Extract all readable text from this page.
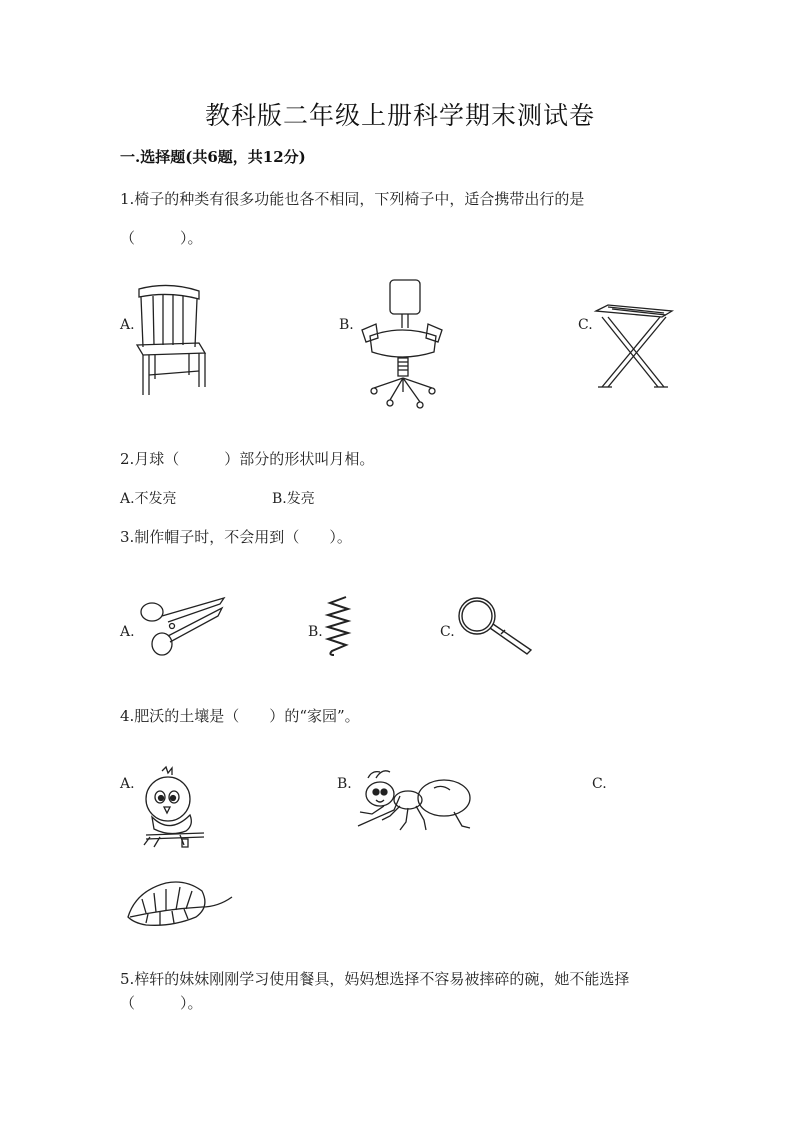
教科版二年级上册科学期末测试卷
一.选择题(共6题，共12分)
1.椅子的种类有很多功能也各不相同，下列椅子中，适合携带出行的是
（　　　）。
A.	B.	C.
2.月球（　　　）部分的形状叫月相。
A.不发亮	B.发亮
3.制作帽子时，不会用到（　　）。
A.	B.	C.
4.肥沃的土壤是（　　）的“家园”。
A.	B.	C.
5.梓轩的妹妹刚刚学习使用餐具，妈妈想选择不容易被摔碎的碗，她不能选择
（　　　）。
